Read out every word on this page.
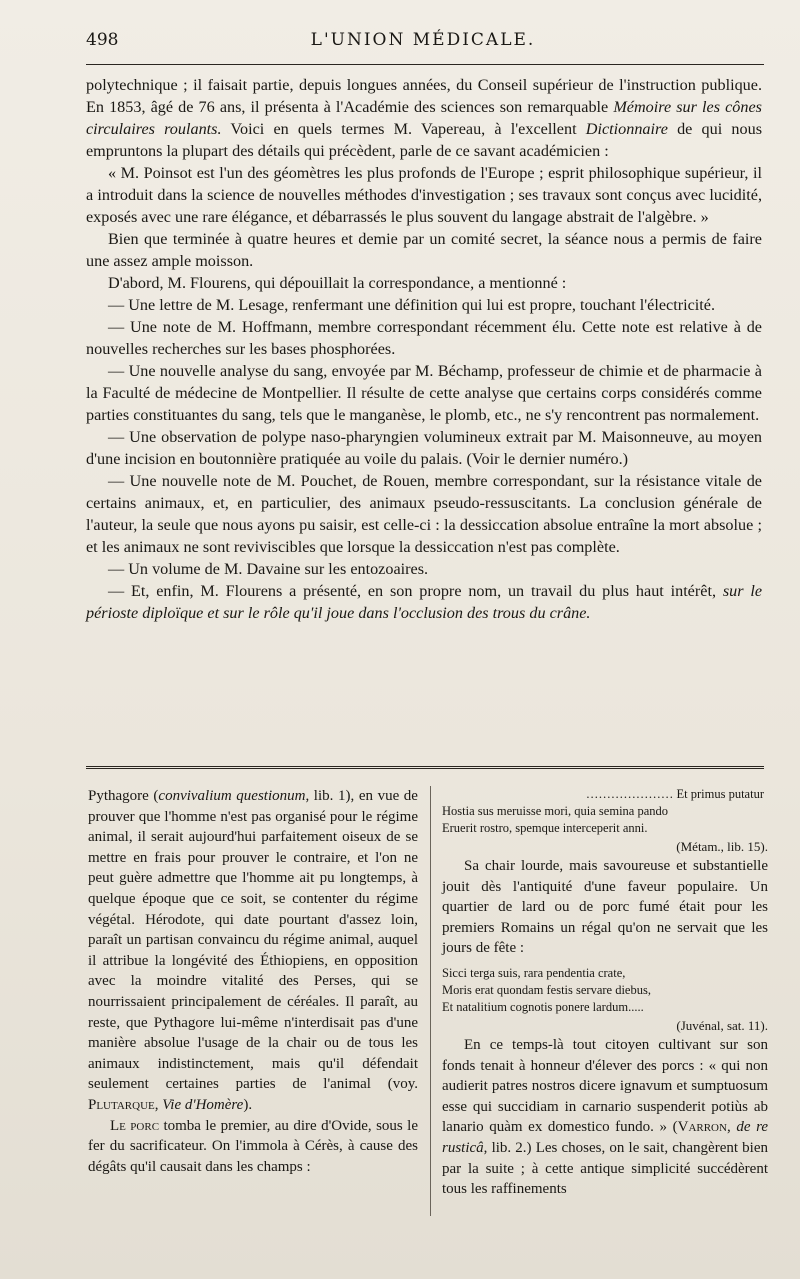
498	L'UNION MÉDICALE.

polytechnique ; il faisait partie, depuis longues années, du Conseil supérieur de l'instruction publique. En 1853, âgé de 76 ans, il présenta à l'Académie des sciences son remarquable Mémoire sur les cônes circulaires roulants. Voici en quels termes M. Vapereau, à l'excellent Dictionnaire de qui nous empruntons la plupart des détails qui précèdent, parle de ce savant académicien :

« M. Poinsot est l'un des géomètres les plus profonds de l'Europe ; esprit philosophique supérieur, il a introduit dans la science de nouvelles méthodes d'investigation ; ses travaux sont conçus avec lucidité, exposés avec une rare élégance, et débarrassés le plus souvent du langage abstrait de l'algèbre. »

Bien que terminée à quatre heures et demie par un comité secret, la séance nous a permis de faire une assez ample moisson.

D'abord, M. Flourens, qui dépouillait la correspondance, a mentionné :

— Une lettre de M. Lesage, renfermant une définition qui lui est propre, touchant l'électricité.

— Une note de M. Hoffmann, membre correspondant récemment élu. Cette note est relative à de nouvelles recherches sur les bases phosphorées.

— Une nouvelle analyse du sang, envoyée par M. Béchamp, professeur de chimie et de pharmacie à la Faculté de médecine de Montpellier. Il résulte de cette analyse que certains corps considérés comme parties constituantes du sang, tels que le manganèse, le plomb, etc., ne s'y rencontrent pas normalement.

— Une observation de polype naso-pharyngien volumineux extrait par M. Maisonneuve, au moyen d'une incision en boutonnière pratiquée au voile du palais. (Voir le dernier numéro.)

— Une nouvelle note de M. Pouchet, de Rouen, membre correspondant, sur la résistance vitale de certains animaux, et, en particulier, des animaux pseudo-ressuscitants. La conclusion générale de l'auteur, la seule que nous ayons pu saisir, est celle-ci : la dessiccation absolue entraîne la mort absolue ; et les animaux ne sont reviviscibles que lorsque la dessiccation n'est pas complète.

— Un volume de M. Davaine sur les entozoaires.

— Et, enfin, M. Flourens a présenté, en son propre nom, un travail du plus haut intérêt, sur le périoste diploïque et sur le rôle qu'il joue dans l'occlusion des trous du crâne.

Pythagore (convivalium questionum, lib. 1), en vue de prouver que l'homme n'est pas organisé pour le régime animal, il serait aujourd'hui parfaitement oiseux de se mettre en frais pour prouver le contraire, et l'on ne peut guère admettre que l'homme ait pu longtemps, à quelque époque que ce soit, se contenter du régime végétal. Hérodote, qui date pourtant d'assez loin, paraît un partisan convaincu du régime animal, auquel il attribue la longévité des Éthiopiens, en opposition avec la moindre vitalité des Perses, qui se nourrissaient principalement de céréales. Il paraît, au reste, que Pythagore lui-même n'interdisait pas d'une manière absolue l'usage de la chair ou de tous les animaux indistinctement, mais qu'il défendait seulement certaines parties de l'animal (voy. Plutarque, Vie d'Homère).

Le porc tomba le premier, au dire d'Ovide, sous le fer du sacrificateur. On l'immola à Cérès, à cause des dégâts qu'il causait dans les champs :

………………… Et primus putatur

Hostia sus meruisse mori, quia semina pando

Eruerit rostro, spemque interceperit anni.

(Métam., lib. 15).

Sa chair lourde, mais savoureuse et substantielle jouit dès l'antiquité d'une faveur populaire. Un quartier de lard ou de porc fumé était pour les premiers Romains un régal qu'on ne servait que les jours de fête :

Sicci terga suis, rara pendentia crate,

Moris erat quondam festis servare diebus,

Et natalitium cognotis ponere lardum.....

(Juvénal, sat. 11).

En ce temps-là tout citoyen cultivant sur son fonds tenait à honneur d'élever des porcs : « qui non audierit patres nostros dicere ignavum et sumptuosum esse qui succidiam in carnario suspenderit potiùs ab lanario quàm ex domestico fundo. » (Varron, de re rusticâ, lib. 2.) Les choses, on le sait, changèrent bien par la suite ; à cette antique simplicité succédèrent tous les raffinements
